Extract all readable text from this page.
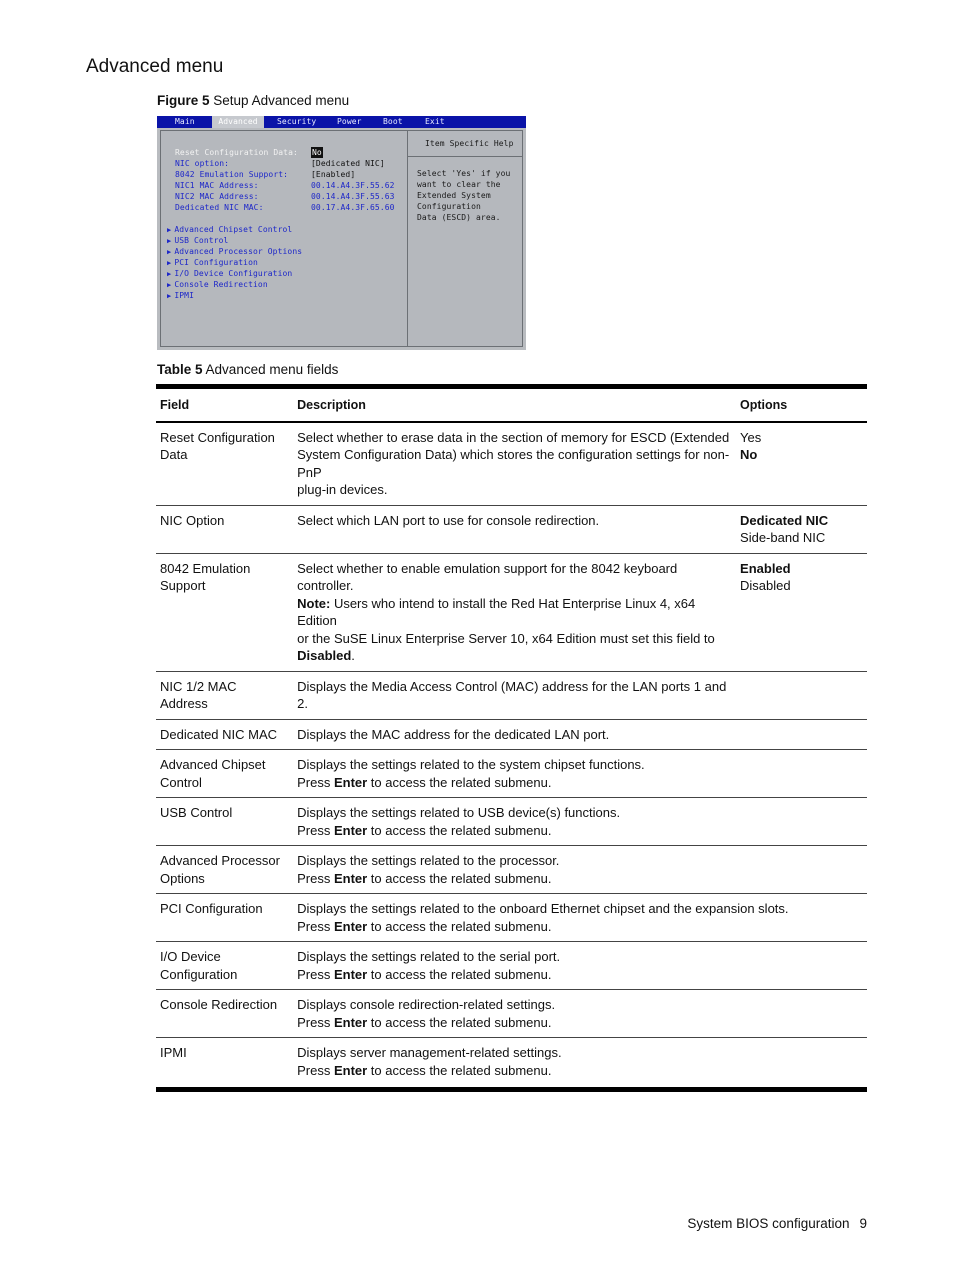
Advanced menu
Figure 5 Setup Advanced menu
Main	Advanced	Security	Power	Boot	Exit
Reset Configuration Data: No
NIC option:	[Dedicated NIC]
8042 Emulation Support:	[Enabled]
NIC1 MAC Address:	00.14.A4.3F.55.62
NIC2 MAC Address:	00.14.A4.3F.55.63
Dedicated NIC MAC:	00.17.A4.3F.65.60
▶ Advanced Chipset Control
▶ USB Control
▶ Advanced Processor Options
▶ PCI Configuration
▶ I/O Device Configuration
▶ Console Redirection
▶ IPMI
Item Specific Help
Select 'Yes' if you
want to clear the
Extended System
Configuration
Data (ESCD) area.
Table 5 Advanced menu fields
Field	Description	Options

Reset Configuration
Data	Select whether to erase data in the section of memory for ESCD (Extended
System Configuration Data) which stores the configuration settings for non-PnP
plug-in devices.	Yes
No

NIC Option	Select which LAN port to use for console redirection.	Dedicated NIC
Side-band NIC

8042 Emulation
Support	Select whether to enable emulation support for the 8042 keyboard controller.
Note: Users who intend to install the Red Hat Enterprise Linux 4, x64 Edition
or the SuSE Linux Enterprise Server 10, x64 Edition must set this field to
Disabled.	Enabled
Disabled

NIC 1/2 MAC
Address	Displays the Media Access Control (MAC) address for the LAN ports 1 and 2.	
Dedicated NIC MAC	Displays the MAC address for the dedicated LAN port.	

Advanced Chipset
Control	Displays the settings related to the system chipset functions.
Press Enter to access the related submenu.	

USB Control	Displays the settings related to USB device(s) functions.
Press Enter to access the related submenu.	

Advanced Processor
Options	Displays the settings related to the processor.
Press Enter to access the related submenu.	

PCI Configuration	Displays the settings related to the onboard Ethernet chipset and the expansion slots.
Press Enter to access the related submenu.	

I/O Device
Configuration	Displays the settings related to the serial port.
Press Enter to access the related submenu.	

Console Redirection	Displays console redirection-related settings.
Press Enter to access the related submenu.	

IPMI	Displays server management-related settings.
Press Enter to access the related submenu.	

System BIOS configuration 9
